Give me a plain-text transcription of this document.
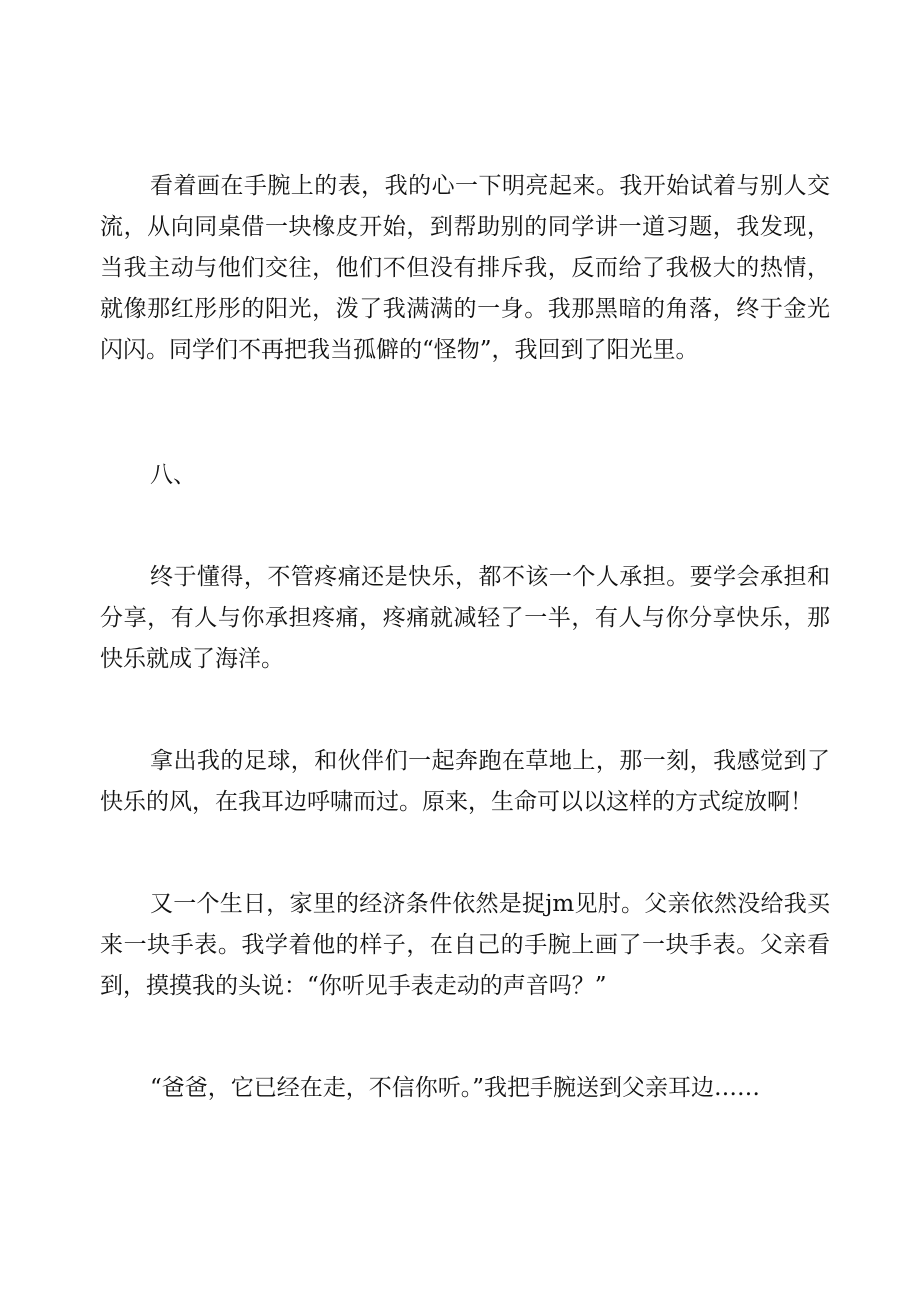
看着画在手腕上的表，我的心一下明亮起来。我开始试着与别人交流，从向同桌借一块橡皮开始，到帮助别的同学讲一道习题，我发现，当我主动与他们交往，他们不但没有排斥我，反而给了我极大的热情，就像那红彤彤的阳光，泼了我满满的一身。我那黑暗的角落，终于金光闪闪。同学们不再把我当孤僻的“怪物”，我回到了阳光里。

八、

终于懂得，不管疼痛还是快乐，都不该一个人承担。要学会承担和分享，有人与你承担疼痛，疼痛就减轻了一半，有人与你分享快乐，那快乐就成了海洋。

拿出我的足球，和伙伴们一起奔跑在草地上，那一刻，我感觉到了快乐的风，在我耳边呼啸而过。原来，生命可以以这样的方式绽放啊！

又一个生日，家里的经济条件依然是捉jm见肘。父亲依然没给我买来一块手表。我学着他的样子，在自己的手腕上画了一块手表。父亲看到，摸摸我的头说：“你听见手表走动的声音吗？”

“爸爸，它已经在走，不信你听。”我把手腕送到父亲耳边……
